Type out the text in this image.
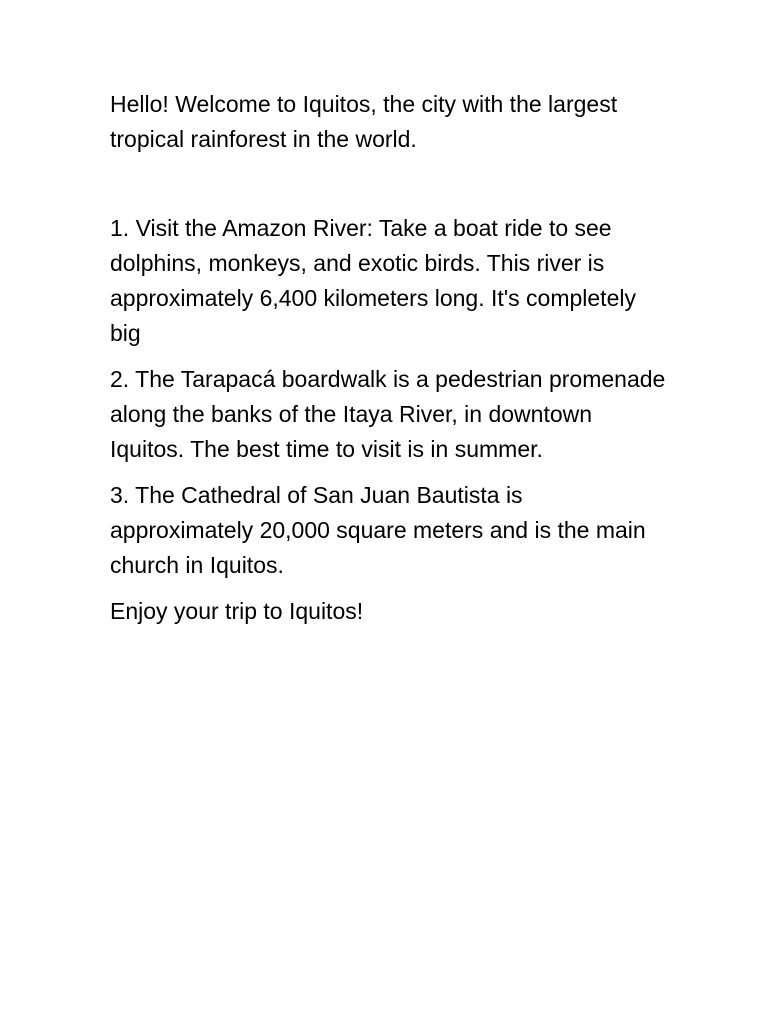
Hello! Welcome to Iquitos, the city with the largest tropical rainforest in the world.

1. Visit the Amazon River: Take a boat ride to see dolphins, monkeys, and exotic birds. This river is approximately 6,400 kilometers long. It's completely big

2. The Tarapacá boardwalk is a pedestrian promenade along the banks of the Itaya River, in downtown Iquitos. The best time to visit is in summer.

3. The Cathedral of San Juan Bautista is approximately 20,000 square meters and is the main church in Iquitos.

Enjoy your trip to Iquitos!
